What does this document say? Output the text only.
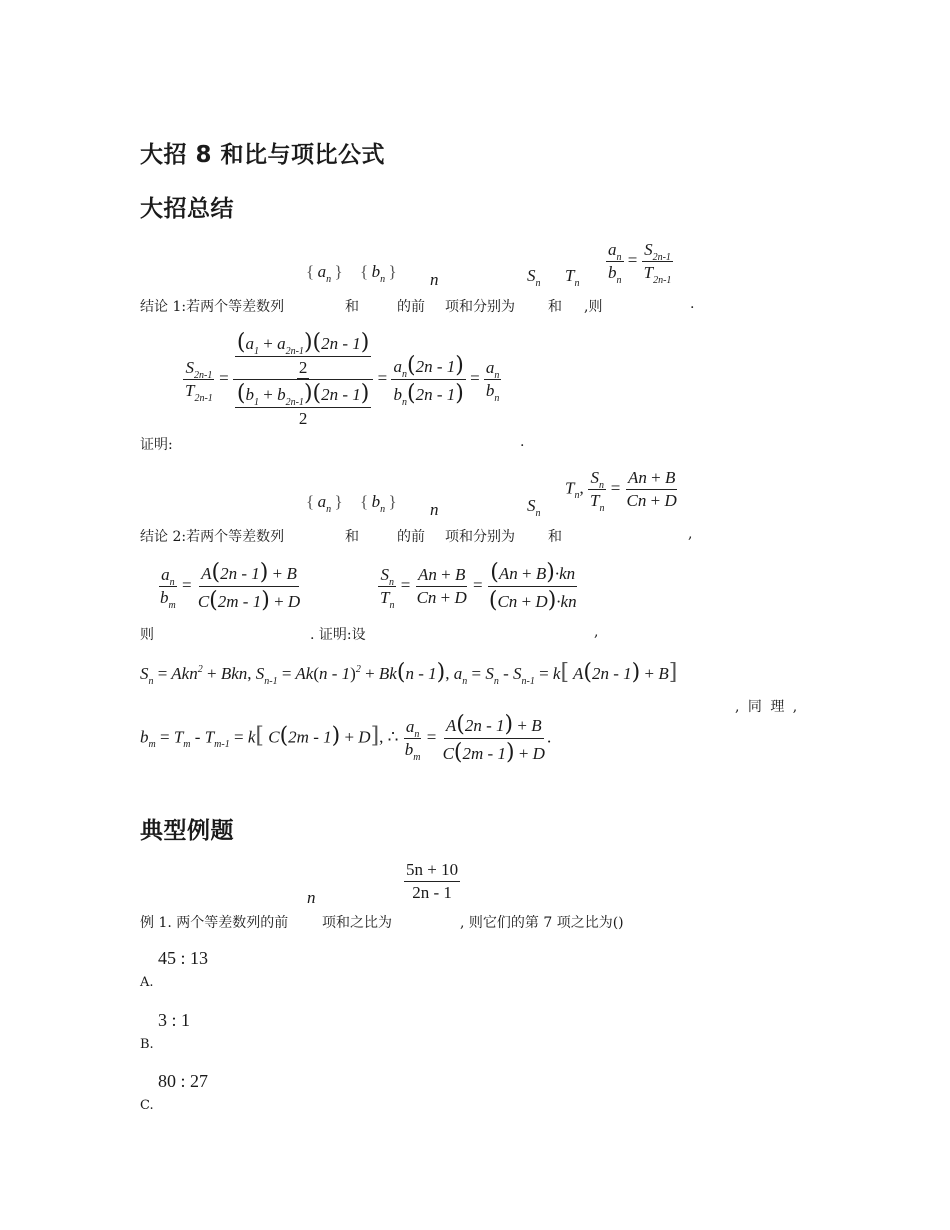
大招 8 和比与项比公式
大招总结
{ $a_n$  } { $b_n$  } n	$S_n$ $T_n$
$\frac{a_n}{b_n} = \frac{S_{2n-1}}{T_{2n-1}}$
结论 1:若两个等差数列	和	的前 项和分别为 和 ,则	.
$\frac{S_{2n-1}}{T_{2n-1}} = \frac{\frac{(a_1 + a_{2n-1})(2n - 1)}{2}}{\frac{(b_1 + b_{2n-1})(2n - 1)}{2}} = \frac{a_n(2n - 1)}{b_n(2n - 1)} = \frac{a_n}{b_n}$
证明:	.
{ $a_n$  } { $b_n$  } n	$S_n$
$T_n$, $\frac{S_n}{T_n} = \frac{An + B}{Cn + D}$
结论 2:若两个等差数列	和	的前 项和分别为 和	,
$\frac{a_n}{b_m} = \frac{A(2n - 1) + B}{C(2m - 1) + D}$	$\frac{S_n}{T_n} = \frac{An + B}{Cn + D} = \frac{(An + B)\cdot kn}{(Cn + D)\cdot kn}$
则	. 证明:设	,
$S_n = Akn^2$ + Bkn, $S_{n-1} = Ak(n - 1)^2 + Bk(n - 1)$, $a_n = S_n - S_{n-1} = k$[ A(2n - 1) + B]
, 同 理 ,
$b_m = T_m - T_{m-1} = k$[ C(2m - 1) + D], ∴ $\frac{a_n}{b_m} = \frac{A(2n - 1) + B}{C(2m - 1) + D}$ .
典型例题
n	$\frac{5n + 10}{2n - 1}$
例 1. 两个等差数列的前 项和之比为	, 则它们的第 7 项之比为()
45 : 13
A.
3 : 1
B.
80 : 27
C.
